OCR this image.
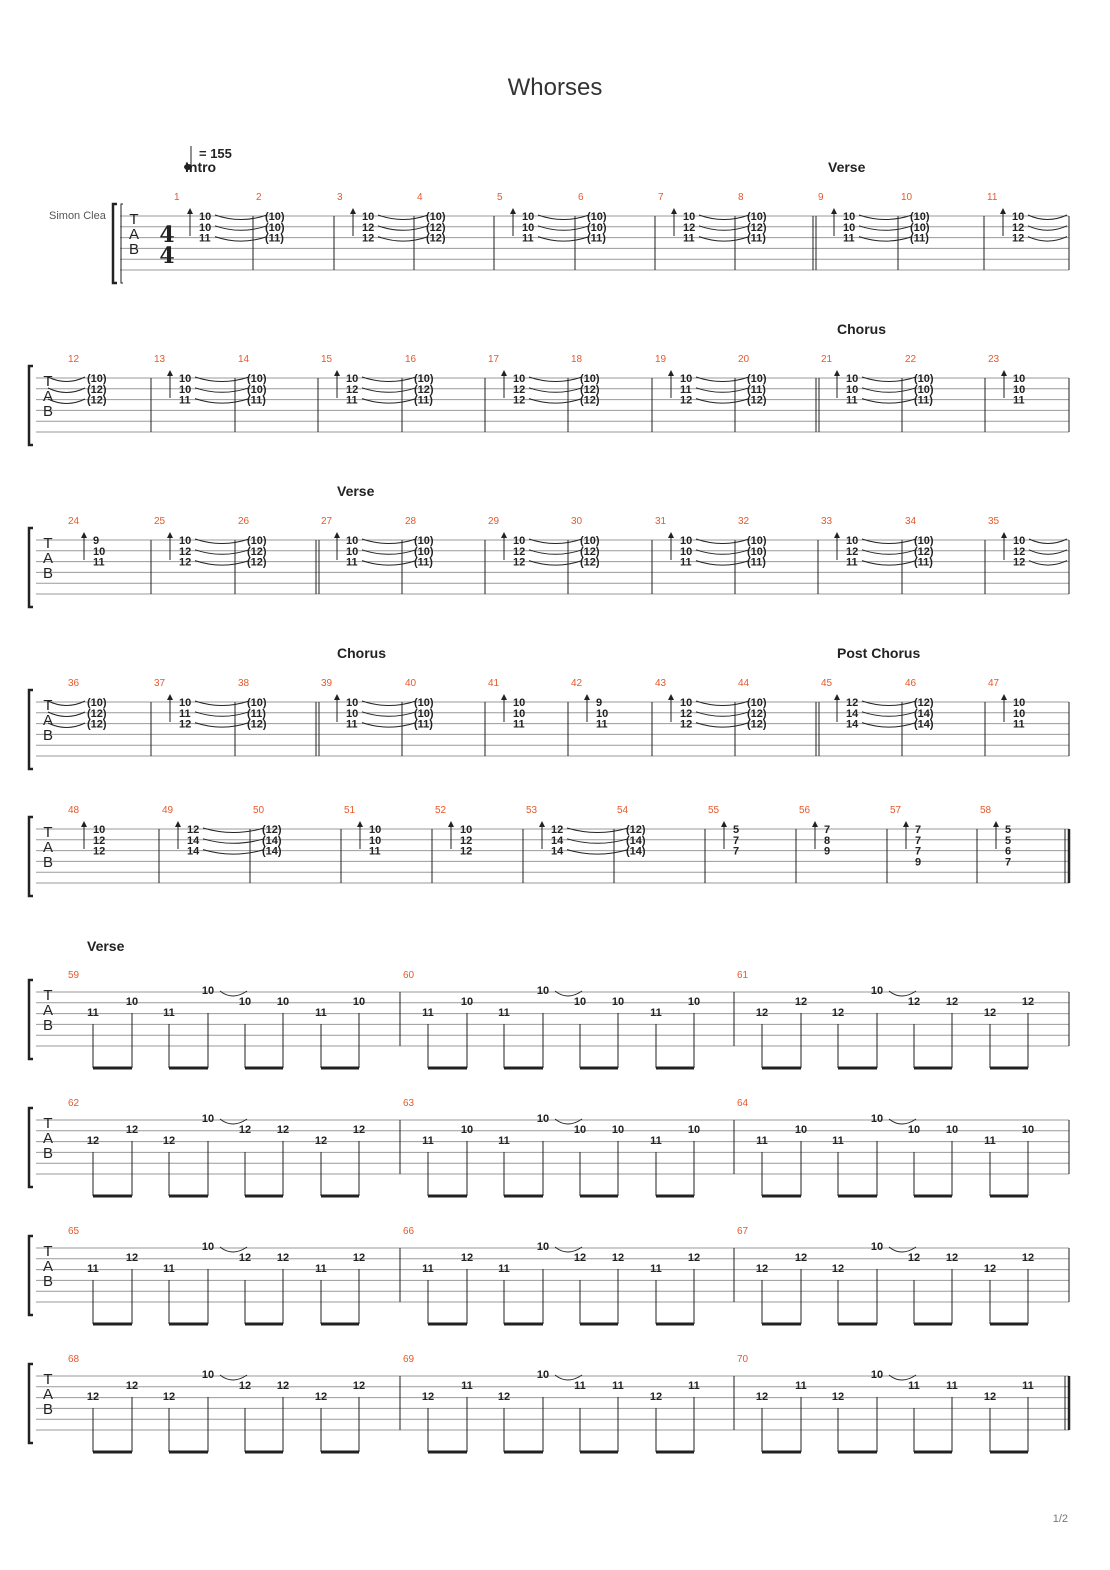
Whorses
= 155
Simon Clea T
A
B
4
4
Intro	Verse
1
10
10
11
2
(10)
(10)
(11)
3
10
12
12
4
(10)
(12)
(12)
5
10
10
11
6
(10)
(10)
(11)
7
10
12
11
8
(10)
(12)
(11)
9
10
10
11
10
(10)
(10)
(11)
11
10
12
12
T
A
B
Chorus
12
(10)
(12)
(12)
13
10
10
11
14
(10)
(10)
(11)
15
10
12
11
16
(10)
(12)
(11)
17
10
12
12
18
(10)
(12)
(12)
19
10
11
12
20
(10)
(11)
(12)
21
10
10
11
22
(10)
(10)
(11)
23
10
10
11
T
A
B
Verse
24
9
10
11
25
10
12
12
26
(10)
(12)
(12)
27
10
10
11
28
(10)
(10)
(11)
29
10
12
12
30
(10)
(12)
(12)
31
10
10
11
32
(10)
(10)
(11)
33
10
12
11
34
(10)
(12)
(11)
35
10
12
12
T
A
B
Chorus	Post Chorus
36
(10)
(12)
(12)
37
10
11
12
38
(10)
(11)
(12)
39
10
10
11
40
(10)
(10)
(11)
41
10
10
11
42
9
10
11
43
10
12
12
44
(10)
(12)
(12)
45
12
14
14
46
(12)
(14)
(14)
47
10
10
11
T
A
B
48
10
12
12
49
12
14
14
50
(12)
(14)
(14)
51
10
10
11
52
10
12
12
53
12
14
14
54
(12)
(14)
(14)
55
5
7
7
56
7
8
9
57
7
7
7
9
58
5
5
6
7
T
A
B
Verse
59
11
10
11
10
10 10
11
10
60
11
10
11
10
10 10
11
10
61
12
12
12
10
12 12
12
12
T
A
B
62
12
12
12
10
12 12
12
12
63
11
10
11
10
10 10
11
10
64
11
10
11
10
10 10
11
10
T
A
B
65
11
12
11
10
12 12
11
12
66
11
12
11
10
12 12
11
12
67
12
12
12
10
12 12
12
12
T
A
B
68
12
12
12
10
12 12
12
12
69
12
11
12
10
11 11
12
11
70
12
11
12
10
11 11
12
11
1/2
